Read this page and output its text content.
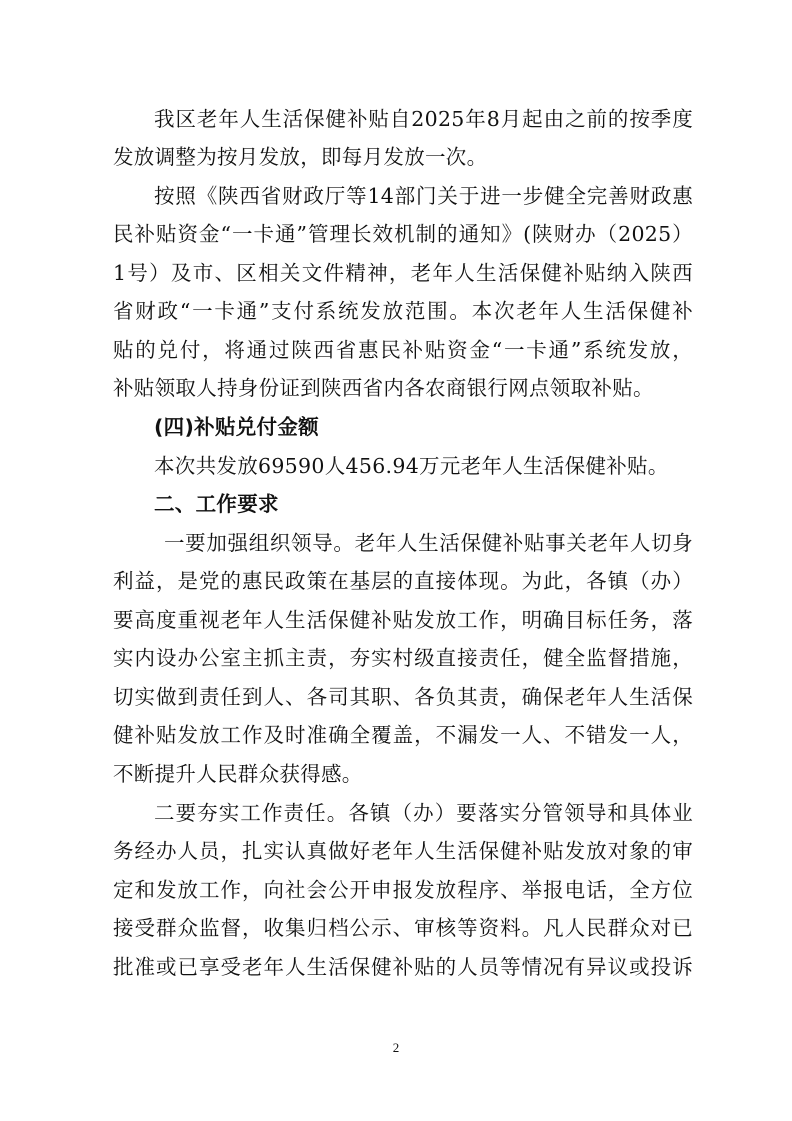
我区老年人生活保健补贴自2025年8月起由之前的按季度
发放调整为按月发放，即每月发放一次。
按照《陕西省财政厅等14部门关于进一步健全完善财政惠
民补贴资金“一卡通”管理长效机制的通知》(陕财办（2025）
1号）及市、区相关文件精神，老年人生活保健补贴纳入陕西
省财政“一卡通”支付系统发放范围。本次老年人生活保健补
贴的兑付，将通过陕西省惠民补贴资金“一卡通”系统发放，
补贴领取人持身份证到陕西省内各农商银行网点领取补贴。
(四)补贴兑付金额
本次共发放69590人456.94万元老年人生活保健补贴。
二、工作要求
一要加强组织领导。老年人生活保健补贴事关老年人切身
利益，是党的惠民政策在基层的直接体现。为此，各镇（办）
要高度重视老年人生活保健补贴发放工作，明确目标任务，落
实内设办公室主抓主责，夯实村级直接责任，健全监督措施，
切实做到责任到人、各司其职、各负其责，确保老年人生活保
健补贴发放工作及时准确全覆盖，不漏发一人、不错发一人，
不断提升人民群众获得感。
二要夯实工作责任。各镇（办）要落实分管领导和具体业
务经办人员，扎实认真做好老年人生活保健补贴发放对象的审
定和发放工作，向社会公开申报发放程序、举报电话，全方位
接受群众监督，收集归档公示、审核等资料。凡人民群众对已
批准或已享受老年人生活保健补贴的人员等情况有异议或投诉
2
